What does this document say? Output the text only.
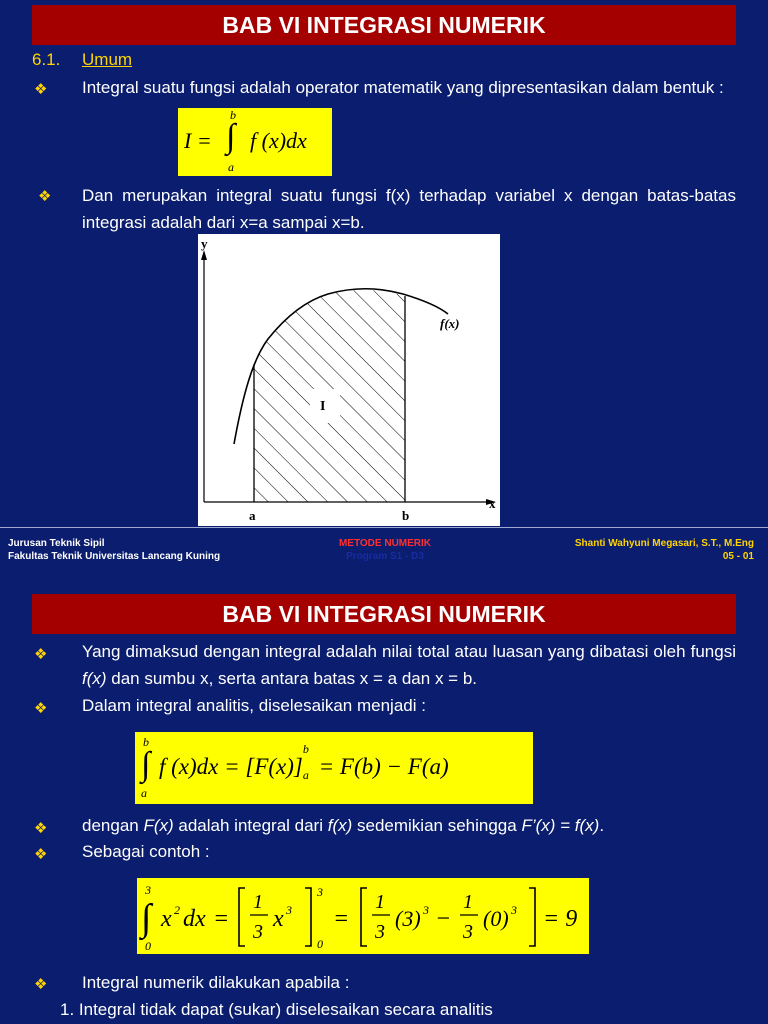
BAB VI INTEGRASI NUMERIK
6.1. Umum
❖ Integral suatu fungsi adalah operator matematik yang dipresentasikan dalam bentuk :
I = ∫
b
a
f (x)dx
❖ Dan merupakan integral suatu fungsi f(x) terhadap variabel x dengan batas-batas integrasi adalah dari x=a sampai x=b.
y
x
f(x)
I
a	b
Jurusan Teknik Sipil
Fakultas Teknik Universitas Lancang Kuning
METODE NUMERIK
Program S1 - D3
Shanti Wahyuni Megasari, S.T., M.Eng
05 - 01
BAB VI INTEGRASI NUMERIK
❖ Yang dimaksud dengan integral adalah nilai total atau luasan yang dibatasi oleh fungsi f(x) dan sumbu x, serta antara batas x = a dan x = b.
❖ Dalam integral analitis, diselesaikan menjadi :
b
∫
a
f (x)dx = [F(x)]
b
a = F(b) − F(a)
❖ dengan F(x) adalah integral dari f(x) sedemikian sehingga F’(x) = f(x).
❖ Sebagai contoh :
3
∫
0
x 2 dx =
1
3 x 3
3
0
=
1
3
(3) 3 −
1
3
(0) 3 = 9
❖ Integral numerik dilakukan apabila :
1. Integral tidak dapat (sukar) diselesaikan secara analitis
